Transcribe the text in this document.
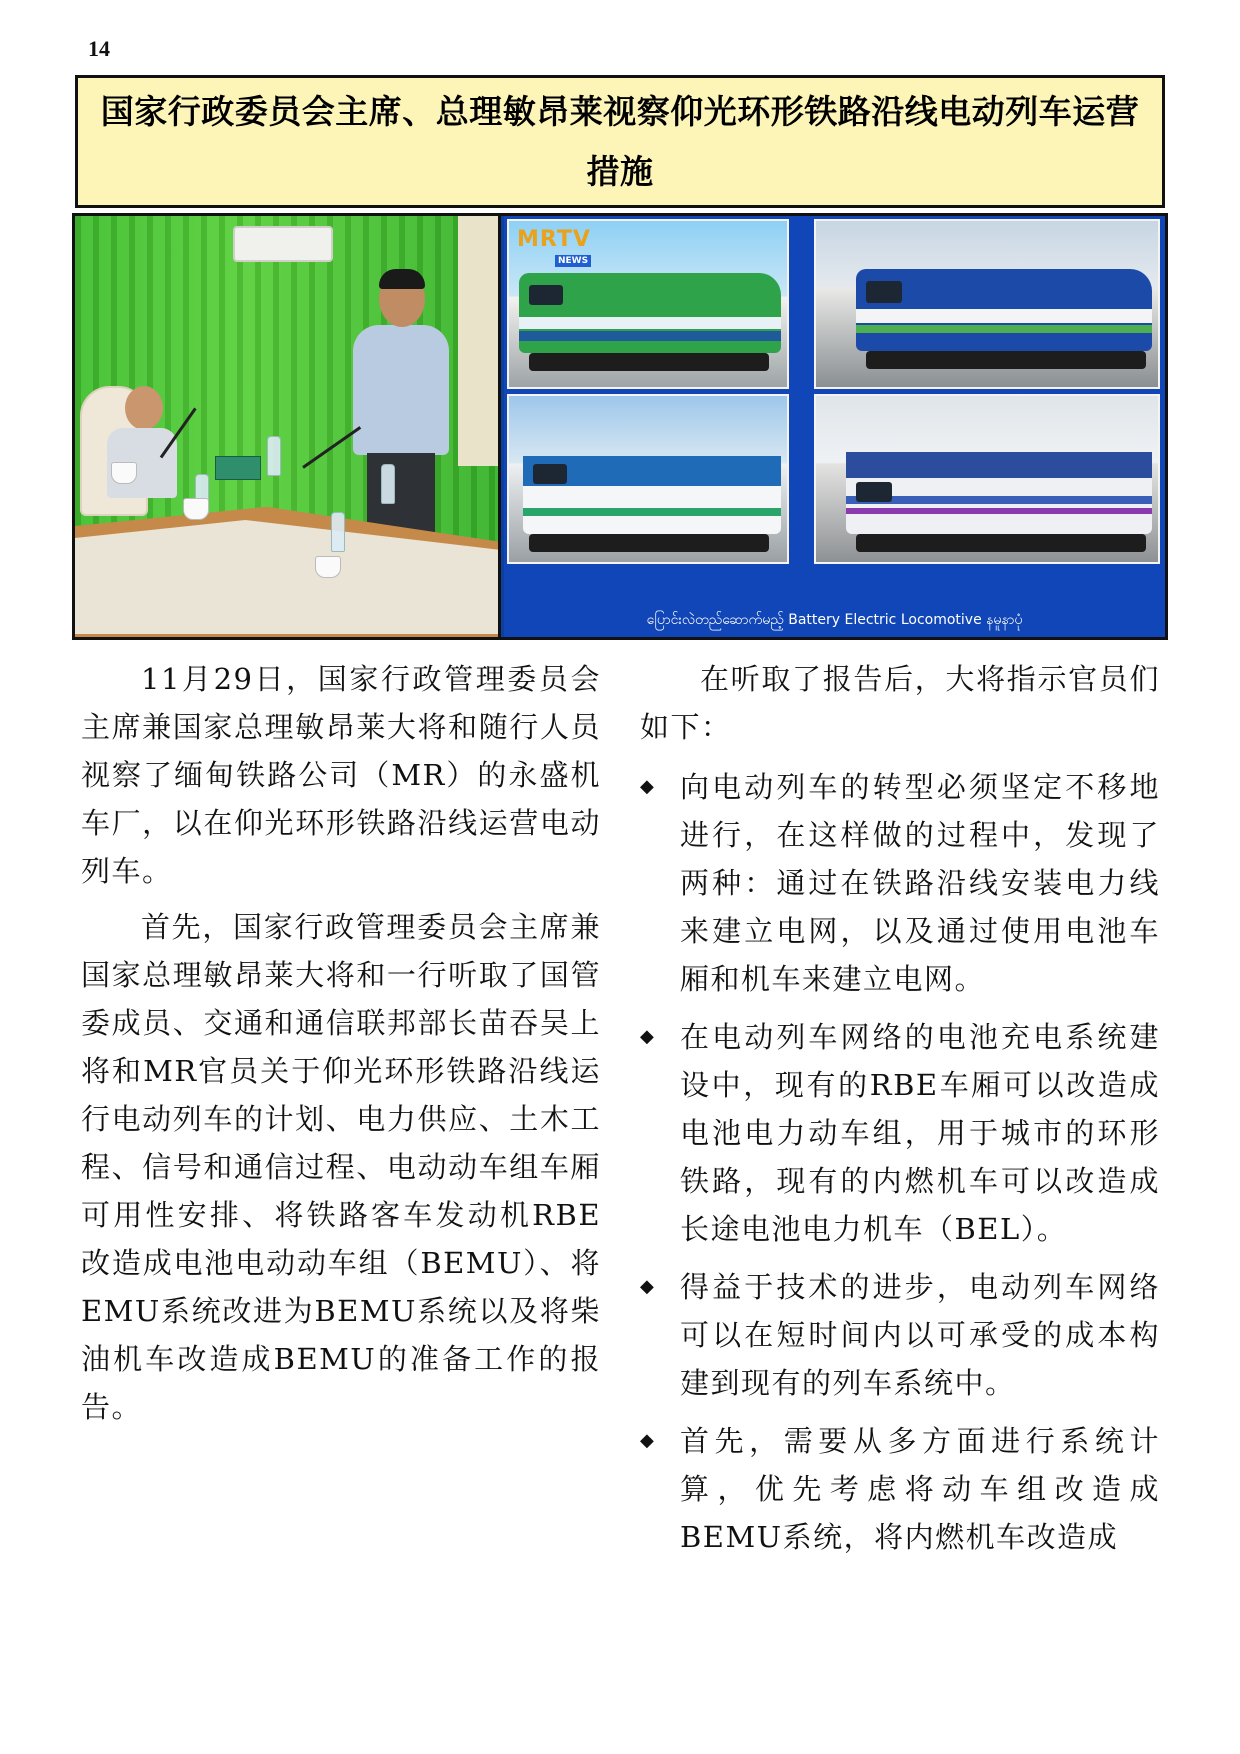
14
国家行政委员会主席、总理敏昂莱视察仰光环形铁路沿线电动列车运营措施
MRTV
NEWS
ပြောင်းလဲတည်ဆောက်မည့် Battery Electric Locomotive နမူနာပုံ

11月29日，国家行政管理委员会主席兼国家总理敏昂莱大将和随行人员视察了缅甸铁路公司（MR）的永盛机车厂，以在仰光环形铁路沿线运营电动列车。

首先，国家行政管理委员会主席兼国家总理敏昂莱大将和一行听取了国管委成员、交通和通信联邦部长苗吞吴上将和MR官员关于仰光环形铁路沿线运行电动列车的计划、电力供应、土木工程、信号和通信过程、电动动车组车厢可用性安排、将铁路客车发动机RBE改造成电池电动动车组（BEMU）、将EMU系统改进为BEMU系统以及将柴油机车改造成BEMU的准备工作的报告。

在听取了报告后，大将指示官员们如下：

◆ 向电动列车的转型必须坚定不移地进行，在这样做的过程中，发现了两种：通过在铁路沿线安装电力线来建立电网，以及通过使用电池车厢和机车来建立电网。
◆ 在电动列车网络的电池充电系统建设中，现有的RBE车厢可以改造成电池电力动车组，用于城市的环形铁路，现有的内燃机车可以改造成长途电池电力机车（BEL）。
◆ 得益于技术的进步，电动列车网络可以在短时间内以可承受的成本构建到现有的列车系统中。
◆ 首先，需要从多方面进行系统计算，优先考虑将动车组改造成BEMU系统，将内燃机车改造成
